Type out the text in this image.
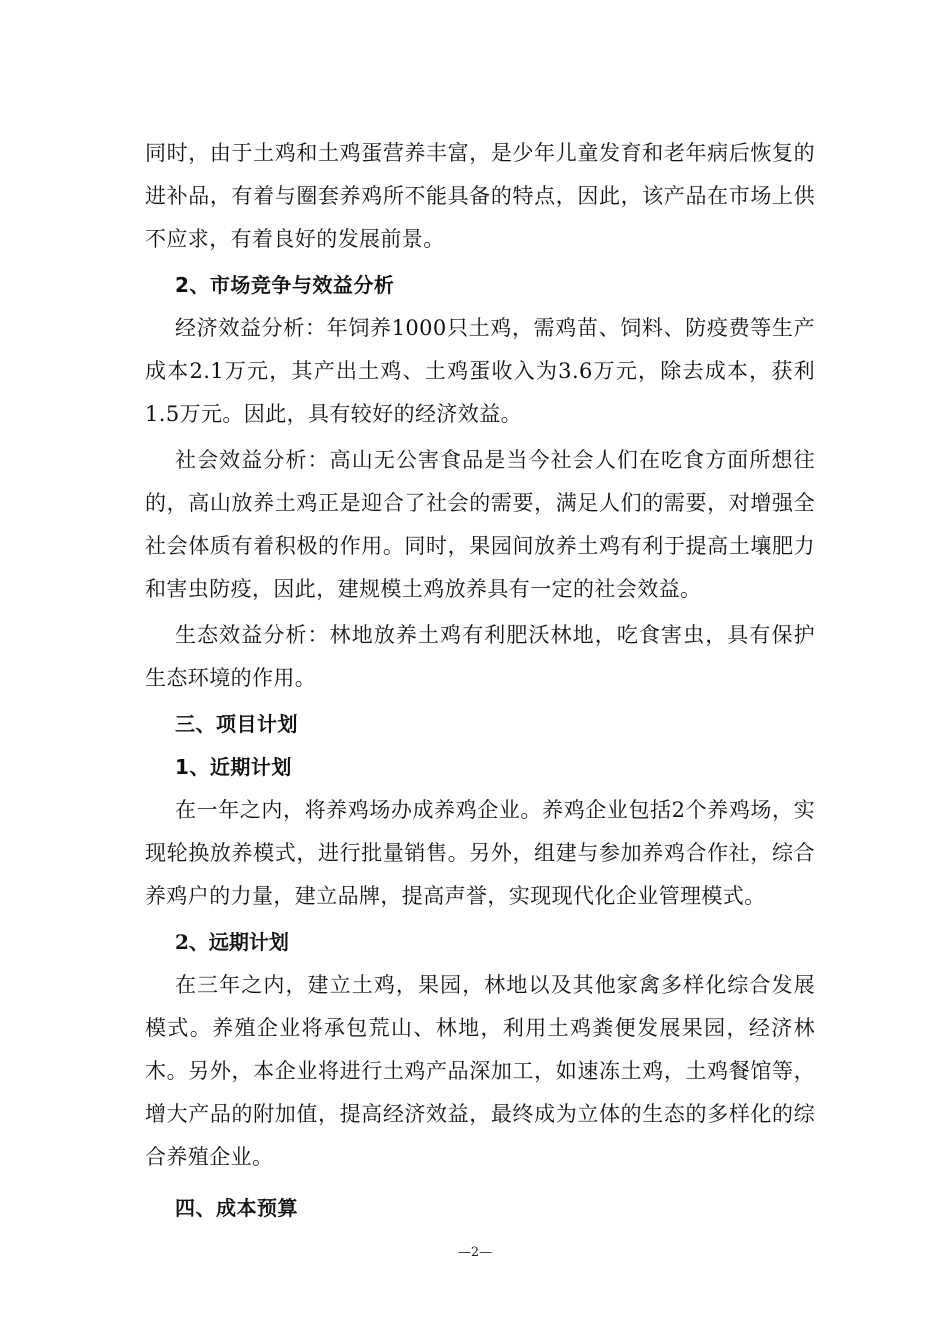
同时，由于土鸡和土鸡蛋营养丰富，是少年儿童发育和老年病后恢复的进补品，有着与圈套养鸡所不能具备的特点，因此，该产品在市场上供不应求，有着良好的发展前景。

2、市场竞争与效益分析

经济效益分析：年饲养1000只土鸡，需鸡苗、饲料、防疫费等生产成本2.1万元，其产出土鸡、土鸡蛋收入为3.6万元，除去成本，获利1.5万元。因此，具有较好的经济效益。

社会效益分析：高山无公害食品是当今社会人们在吃食方面所想往的，高山放养土鸡正是迎合了社会的需要，满足人们的需要，对增强全社会体质有着积极的作用。同时，果园间放养土鸡有利于提高土壤肥力和害虫防疫，因此，建规模土鸡放养具有一定的社会效益。

生态效益分析：林地放养土鸡有利肥沃林地，吃食害虫，具有保护生态环境的作用。

三、项目计划
1、近期计划

在一年之内，将养鸡场办成养鸡企业。养鸡企业包括2个养鸡场，实现轮换放养模式，进行批量销售。另外，组建与参加养鸡合作社，综合养鸡户的力量，建立品牌，提高声誉，实现现代化企业管理模式。

2、远期计划

在三年之内，建立土鸡，果园，林地以及其他家禽多样化综合发展模式。养殖企业将承包荒山、林地，利用土鸡粪便发展果园，经济林木。另外，本企业将进行土鸡产品深加工，如速冻土鸡，土鸡餐馆等，增大产品的附加值，提高经济效益，最终成为立体的生态的多样化的综合养殖企业。

四、成本预算
—2—
